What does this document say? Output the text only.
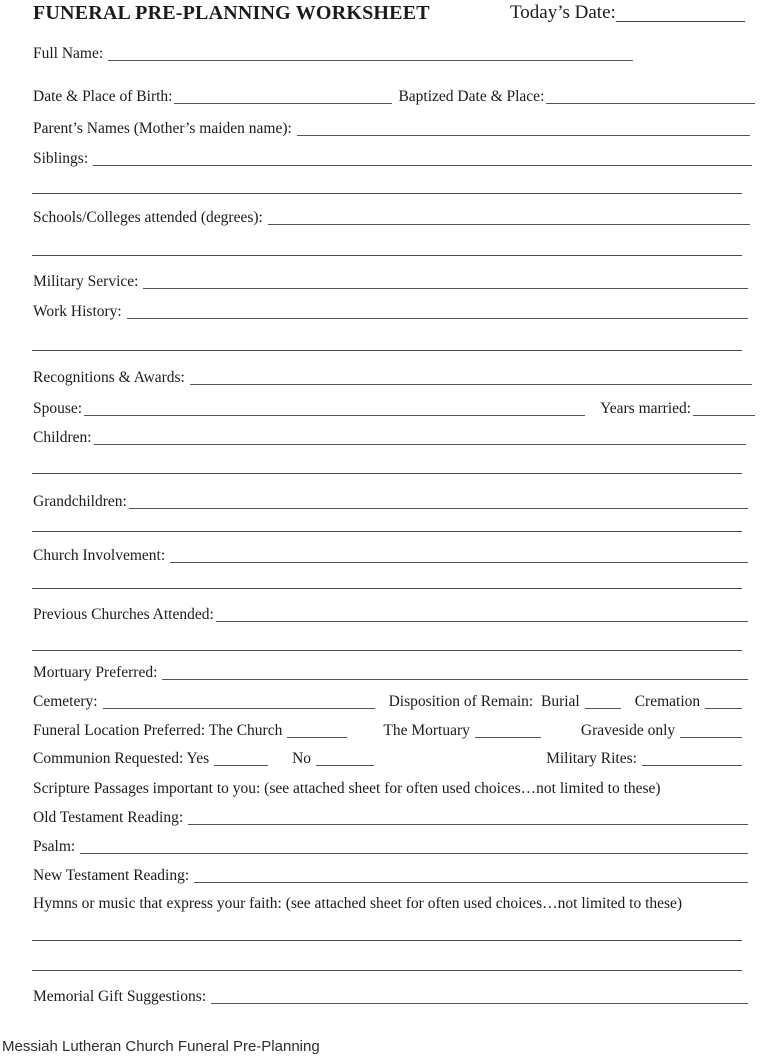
FUNERAL PRE-PLANNING WORKSHEET	Today’s Date:
Full Name:
Date & Place of Birth:	Baptized Date & Place:
Parent’s Names (Mother’s maiden name):
Siblings:
Schools/Colleges attended (degrees):
Military Service:
Work History:
Recognitions & Awards:
Spouse:	Years married:
Children:
Grandchildren:
Church Involvement:
Previous Churches Attended:
Mortuary Preferred:
Cemetery:	Disposition of Remain:  Burial	Cremation
Funeral Location Preferred: The Church	The Mortuary	Graveside only
Communion Requested: Yes	No	Military Rites:
Scripture Passages important to you: (see attached sheet for often used choices…not limited to these)
Old Testament Reading:
Psalm:
New Testament Reading:
Hymns or music that express your faith: (see attached sheet for often used choices…not limited to these)
Memorial Gift Suggestions:
Messiah Lutheran Church Funeral Pre-Planning
